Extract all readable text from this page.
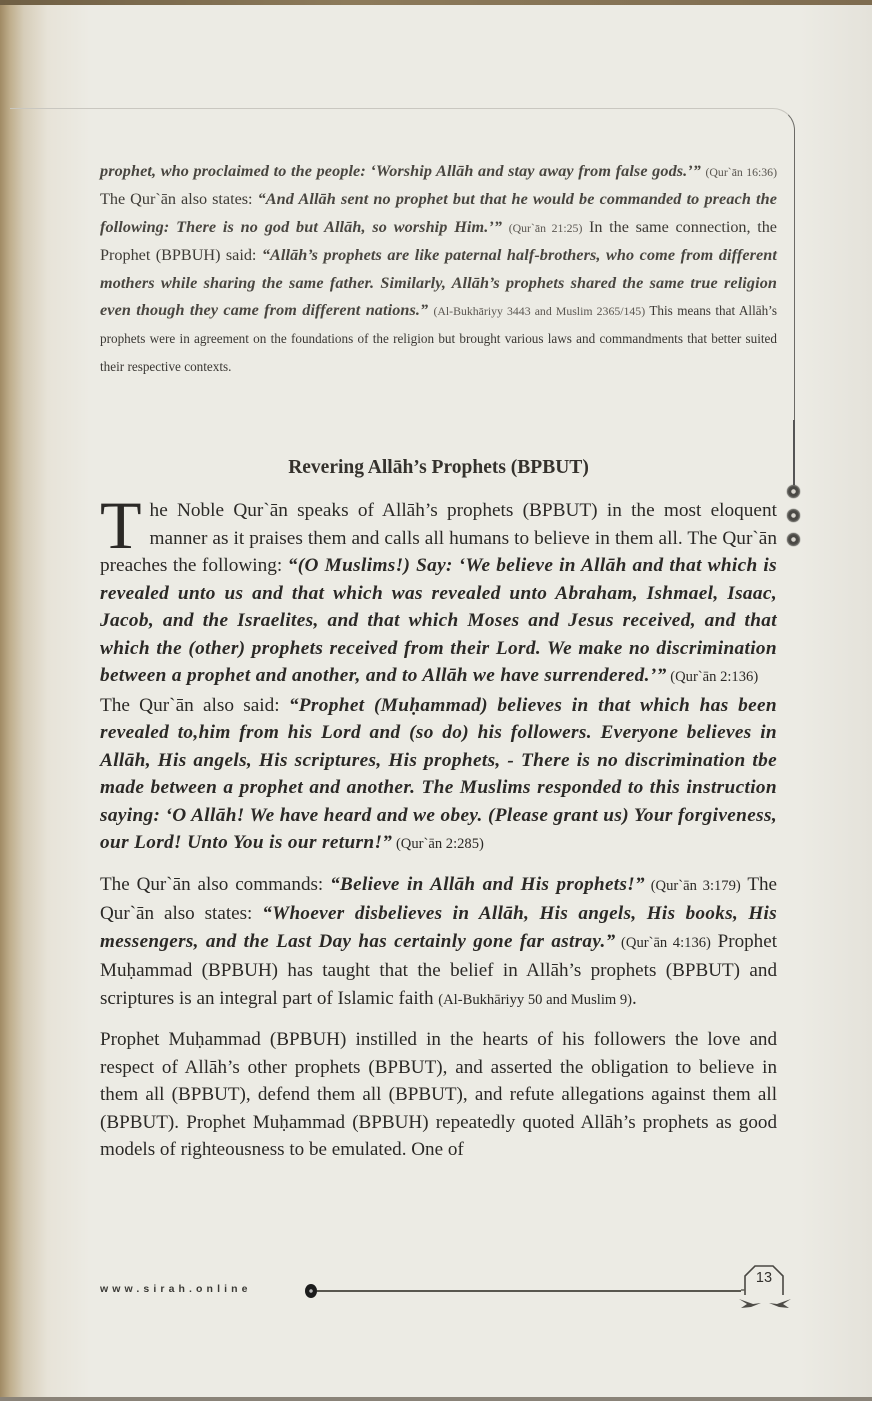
prophet, who proclaimed to the people: ‘Worship Allāh and stay away from false gods.’” (Qur`ān 16:36) The Qur`ān also states: “And Allāh sent no prophet but that he would be commanded to preach the following: There is no god but Allāh, so worship Him.’” (Qur`ān 21:25) In the same connection, the Prophet (BPBUH) said: “Allāh’s prophets are like paternal half-brothers, who come from different mothers while sharing the same father. Similarly, Allāh’s prophets shared the same true religion even though they came from different nations.” (Al-Bukhāriyy 3443 and Muslim 2365/145) This means that Allāh’s prophets were in agreement on the foundations of the religion but brought various laws and commandments that better suited their respective contexts.

Revering Allāh’s Prophets (BPBUT)

The Noble Qur`ān speaks of Allāh’s prophets (BPBUT) in the most eloquent manner as it praises them and calls all humans to believe in them all. The Qur`ān preaches the following: “(O Muslims!) Say: ‘We believe in Allāh and that which is revealed unto us and that which was revealed unto Abraham, Ishmael, Isaac, Jacob, and the Israelites, and that which Moses and Jesus received, and that which the (other) prophets received from their Lord. We make no discrimination between a prophet and another, and to Allāh we have surrendered.’” (Qur`ān 2:136)
The Qur`ān also said: “Prophet (Muḥammad) believes in that which has been revealed to,him from his Lord and (so do) his followers. Everyone believes in Allāh, His angels, His scriptures, His prophets, - There is no discrimination tbe made between a prophet and another. The Muslims responded to this instruction saying: ‘O Allāh! We have heard and we obey. (Please grant us) Your forgiveness, our Lord! Unto You is our return!” (Qur`ān 2:285)

The Qur`ān also commands: “Believe in Allāh and His prophets!” (Qur`ān 3:179) The Qur`ān also states: “Whoever disbelieves in Allāh, His angels, His books, His messengers, and the Last Day has certainly gone far astray.” (Qur`ān 4:136) Prophet Muḥammad (BPBUH) has taught that the belief in Allāh’s prophets (BPBUT) and scriptures is an integral part of Islamic faith (Al-Bukhāriyy 50 and Muslim 9).

Prophet Muḥammad (BPBUH) instilled in the hearts of his followers the love and respect of Allāh’s other prophets (BPBUT), and asserted the obligation to believe in them all (BPBUT), defend them all (BPBUT), and refute allegations against them all (BPBUT). Prophet Muḥammad (BPBUH) repeatedly quoted Allāh’s prophets as good models of righteousness to be emulated. One of

www.sirah.online
13
